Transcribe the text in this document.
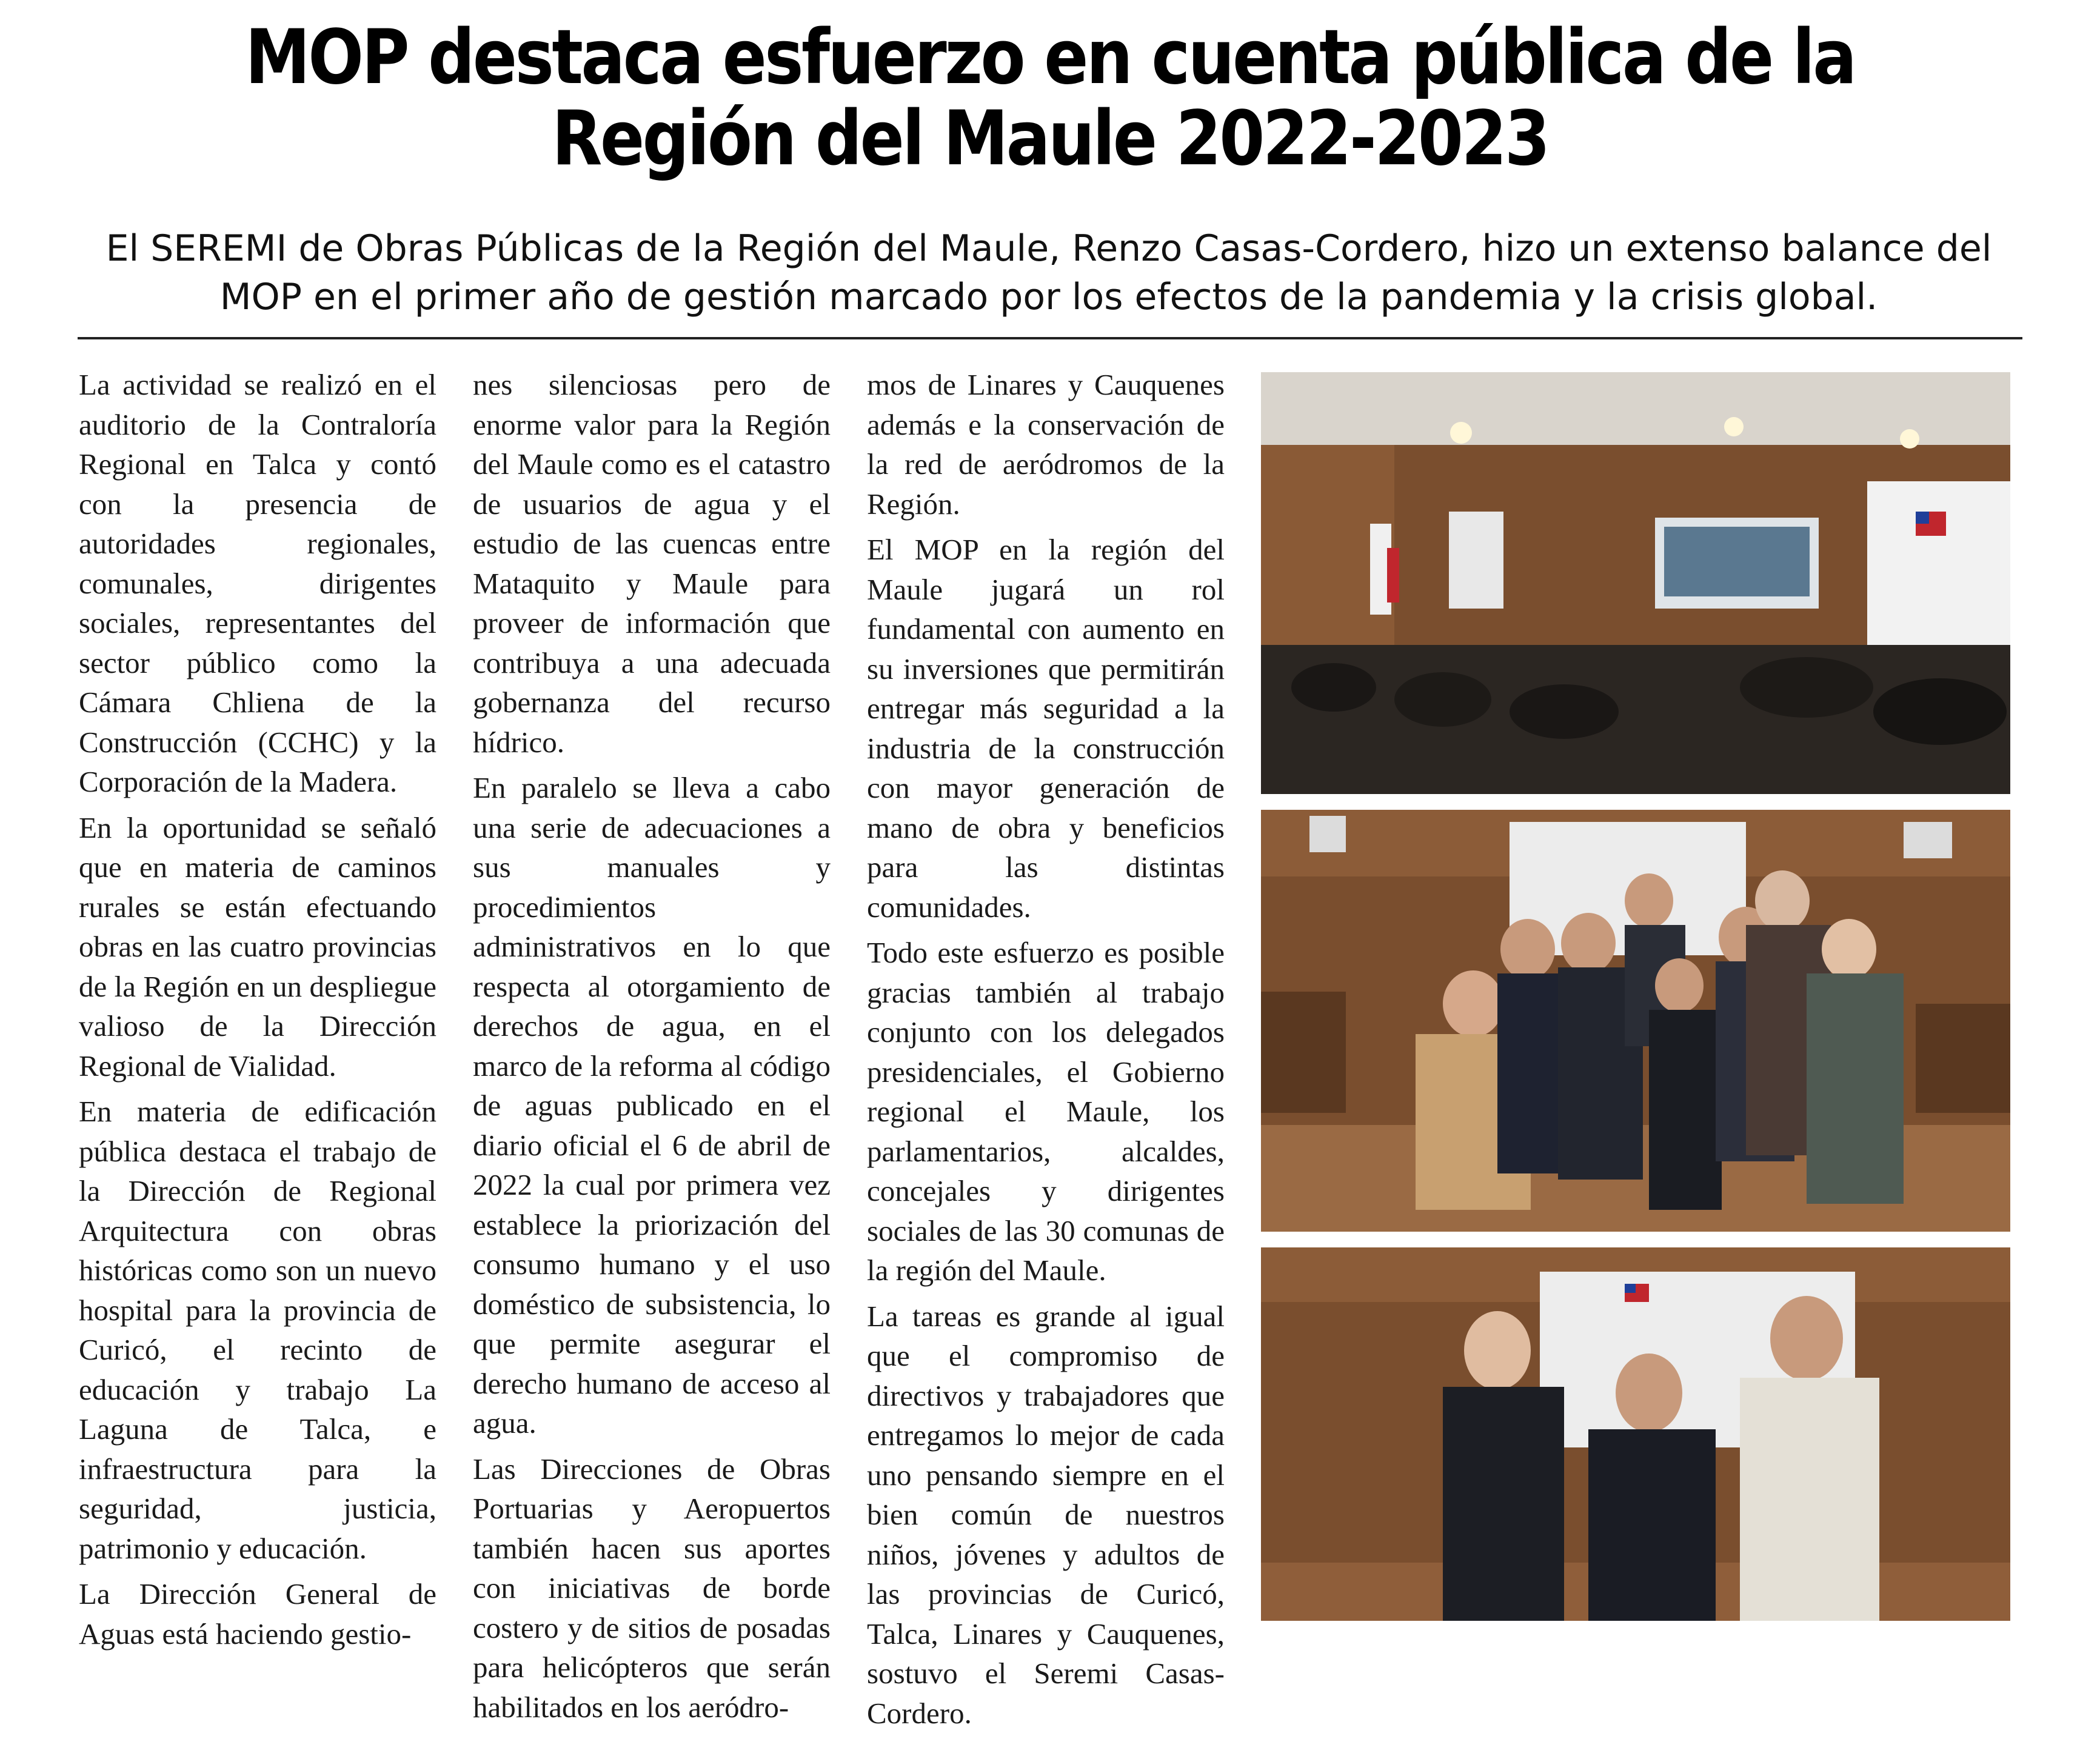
MOP destaca esfuerzo en cuenta pública de la Región del Maule 2022-2023

El SEREMI de Obras Públicas de la Región del Maule, Renzo Casas-Cordero, hizo un extenso balance del MOP en el primer año de gestión marcado por los efectos de la pandemia y la crisis global.

La actividad se realizó en el auditorio de la Contraloría Regional en Talca y contó con la presencia de autoridades regionales, comunales, dirigentes sociales, representantes del sector público como la Cámara Chliena de la Construcción (CCHC) y la Corporación de la Madera.

En la oportunidad se señaló que en materia de caminos rurales se están efectuando obras en las cuatro provincias de la Región en un despliegue valioso de la Dirección Regional de Vialidad.

En materia de edificación pública destaca el trabajo de la Dirección de Regional Arquitectura con obras históricas como son un nuevo hospital para la provincia de Curicó, el recinto de educación y trabajo La Laguna de Talca, e infraestructura para la seguridad, justicia, patrimonio y educación.

La Dirección General de Aguas está haciendo gestio-

nes silenciosas pero de enorme valor para la Región del Maule como es el catastro de usuarios de agua y el estudio de las cuencas entre Mataquito y Maule para proveer de información que contribuya a una adecuada gobernanza del recurso hídrico.

En paralelo se lleva a cabo una serie de adecuaciones a sus manuales y procedimientos administrativos en lo que respecta al otorgamiento de derechos de agua, en el marco de la reforma al código de aguas publicado en el diario oficial el 6 de abril de 2022 la cual por primera vez establece la priorización del consumo humano y el uso doméstico de subsistencia, lo que permite asegurar el derecho humano de acceso al agua.

Las Direcciones de Obras Portuarias y Aeropuertos también hacen sus aportes con iniciativas de borde costero y de sitios de posadas para helicópteros que serán habilitados en los aeródro-

mos de Linares y Cauquenes además e la conservación de la red de aeródromos de la Región.

El MOP en la región del Maule jugará un rol fundamental con aumento en su inversiones que permitirán entregar más seguridad a la industria de la construcción con mayor generación de mano de obra y beneficios para las distintas comunidades.

Todo este esfuerzo es posible gracias también al trabajo conjunto con los delegados presidenciales, el Gobierno regional el Maule, los parlamentarios, alcaldes, concejales y dirigentes sociales de las 30 comunas de la región del Maule.

La tareas es grande al igual que el compromiso de directivos y trabajadores que entregamos lo mejor de cada uno pensando siempre en el bien común de nuestros niños, jóvenes y adultos de las provincias de Curicó, Talca, Linares y Cauquenes, sostuvo el Seremi Casas-Cordero.
